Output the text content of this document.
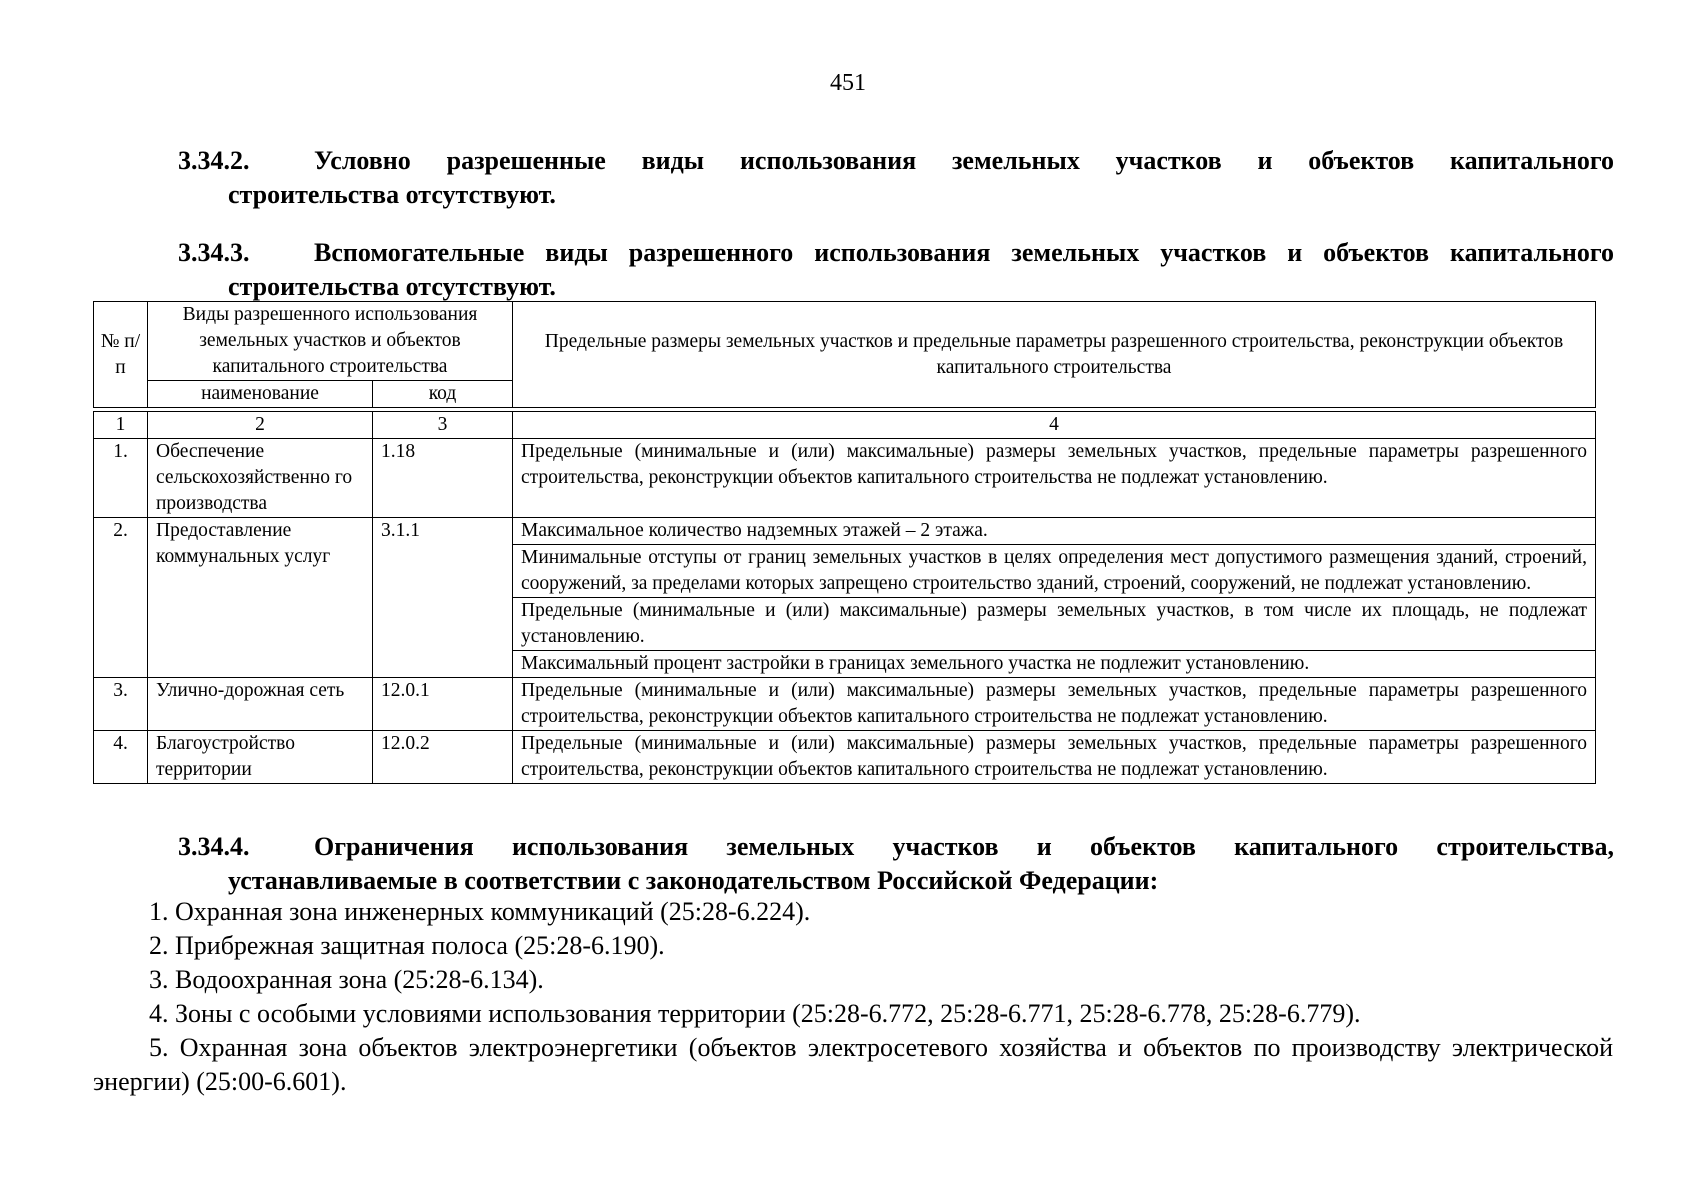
451
3.34.2.	Условно разрешенные виды использования земельных участков и объектов капитального
строительства отсутствуют.
3.34.3.	Вспомогательные виды разрешенного использования земельных участков и объектов капитального
строительства отсутствуют.
№ п/п	Виды разрешенного использования земельных участков и объектов капитального строительства		Предельные размеры земельных участков и предельные параметры разрешенного строительства, реконструкции объектов капитального строительства
	наименование	код	

1	2	3	4
1.	Обеспечение сельскохозяйственно го производства	1.18	Предельные (минимальные и (или) максимальные) размеры земельных участков, предельные параметры разрешенного строительства, реконструкции объектов капитального строительства не подлежат установлению.
2.	Предоставление коммунальных услуг	3.1.1	Максимальное количество надземных этажей – 2 этажа.
			Минимальные отступы от границ земельных участков в целях определения мест допустимого размещения зданий, строений, сооружений, за пределами которых запрещено строительство зданий, строений, сооружений, не подлежат установлению.
			Предельные (минимальные и (или) максимальные) размеры земельных участков, в том числе их площадь, не подлежат установлению.
			Максимальный процент застройки в границах земельного участка не подлежит установлению.
3.	Улично-дорожная сеть	12.0.1	Предельные (минимальные и (или) максимальные) размеры земельных участков, предельные параметры разрешенного строительства, реконструкции объектов капитального строительства не подлежат установлению.
4.	Благоустройство территории	12.0.2	Предельные (минимальные и (или) максимальные) размеры земельных участков, предельные параметры разрешенного строительства, реконструкции объектов капитального строительства не подлежат установлению.
3.34.4.	Ограничения использования земельных участков и объектов капитального строительства,
устанавливаемые в соответствии с законодательством Российской Федерации:

1. Охранная зона инженерных коммуникаций (25:28-6.224).

2. Прибрежная защитная полоса (25:28-6.190).

3. Водоохранная зона (25:28-6.134).

4. Зоны с особыми условиями использования территории (25:28-6.772, 25:28-6.771, 25:28-6.778, 25:28-6.779).

5. Охранная зона объектов электроэнергетики (объектов электросетевого хозяйства и объектов по производству электрической энергии) (25:00-6.601).
